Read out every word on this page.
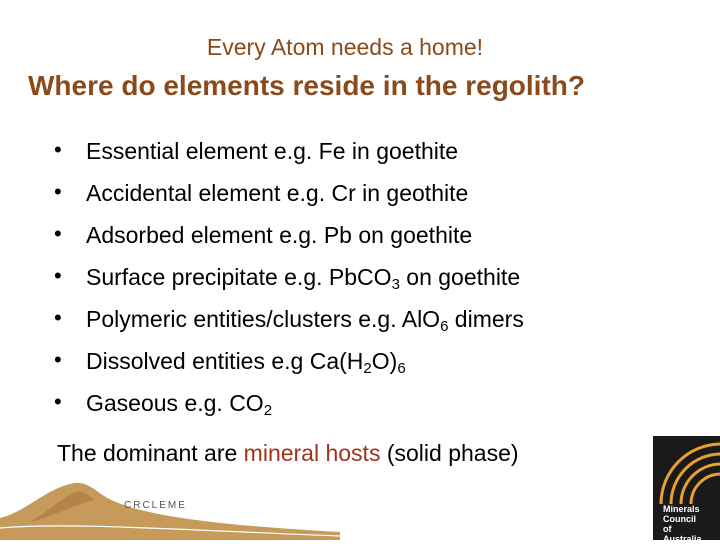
Every Atom needs a home!
Where do elements reside in the regolith?
•	Essential element e.g. Fe in goethite
•	Accidental element e.g. Cr in geothite
•	Adsorbed element e.g. Pb on goethite
•	Surface precipitate e.g. PbCO$_3$ on goethite
•	Polymeric entities/clusters e.g. AlO$_6$ dimers
•	Dissolved entities e.g $Ca(H_2O)_6$
•	Gaseous e.g. $CO_2$
The dominant are mineral hosts (solid phase)
CRCLEME	Minerals
Council
of
Australia
